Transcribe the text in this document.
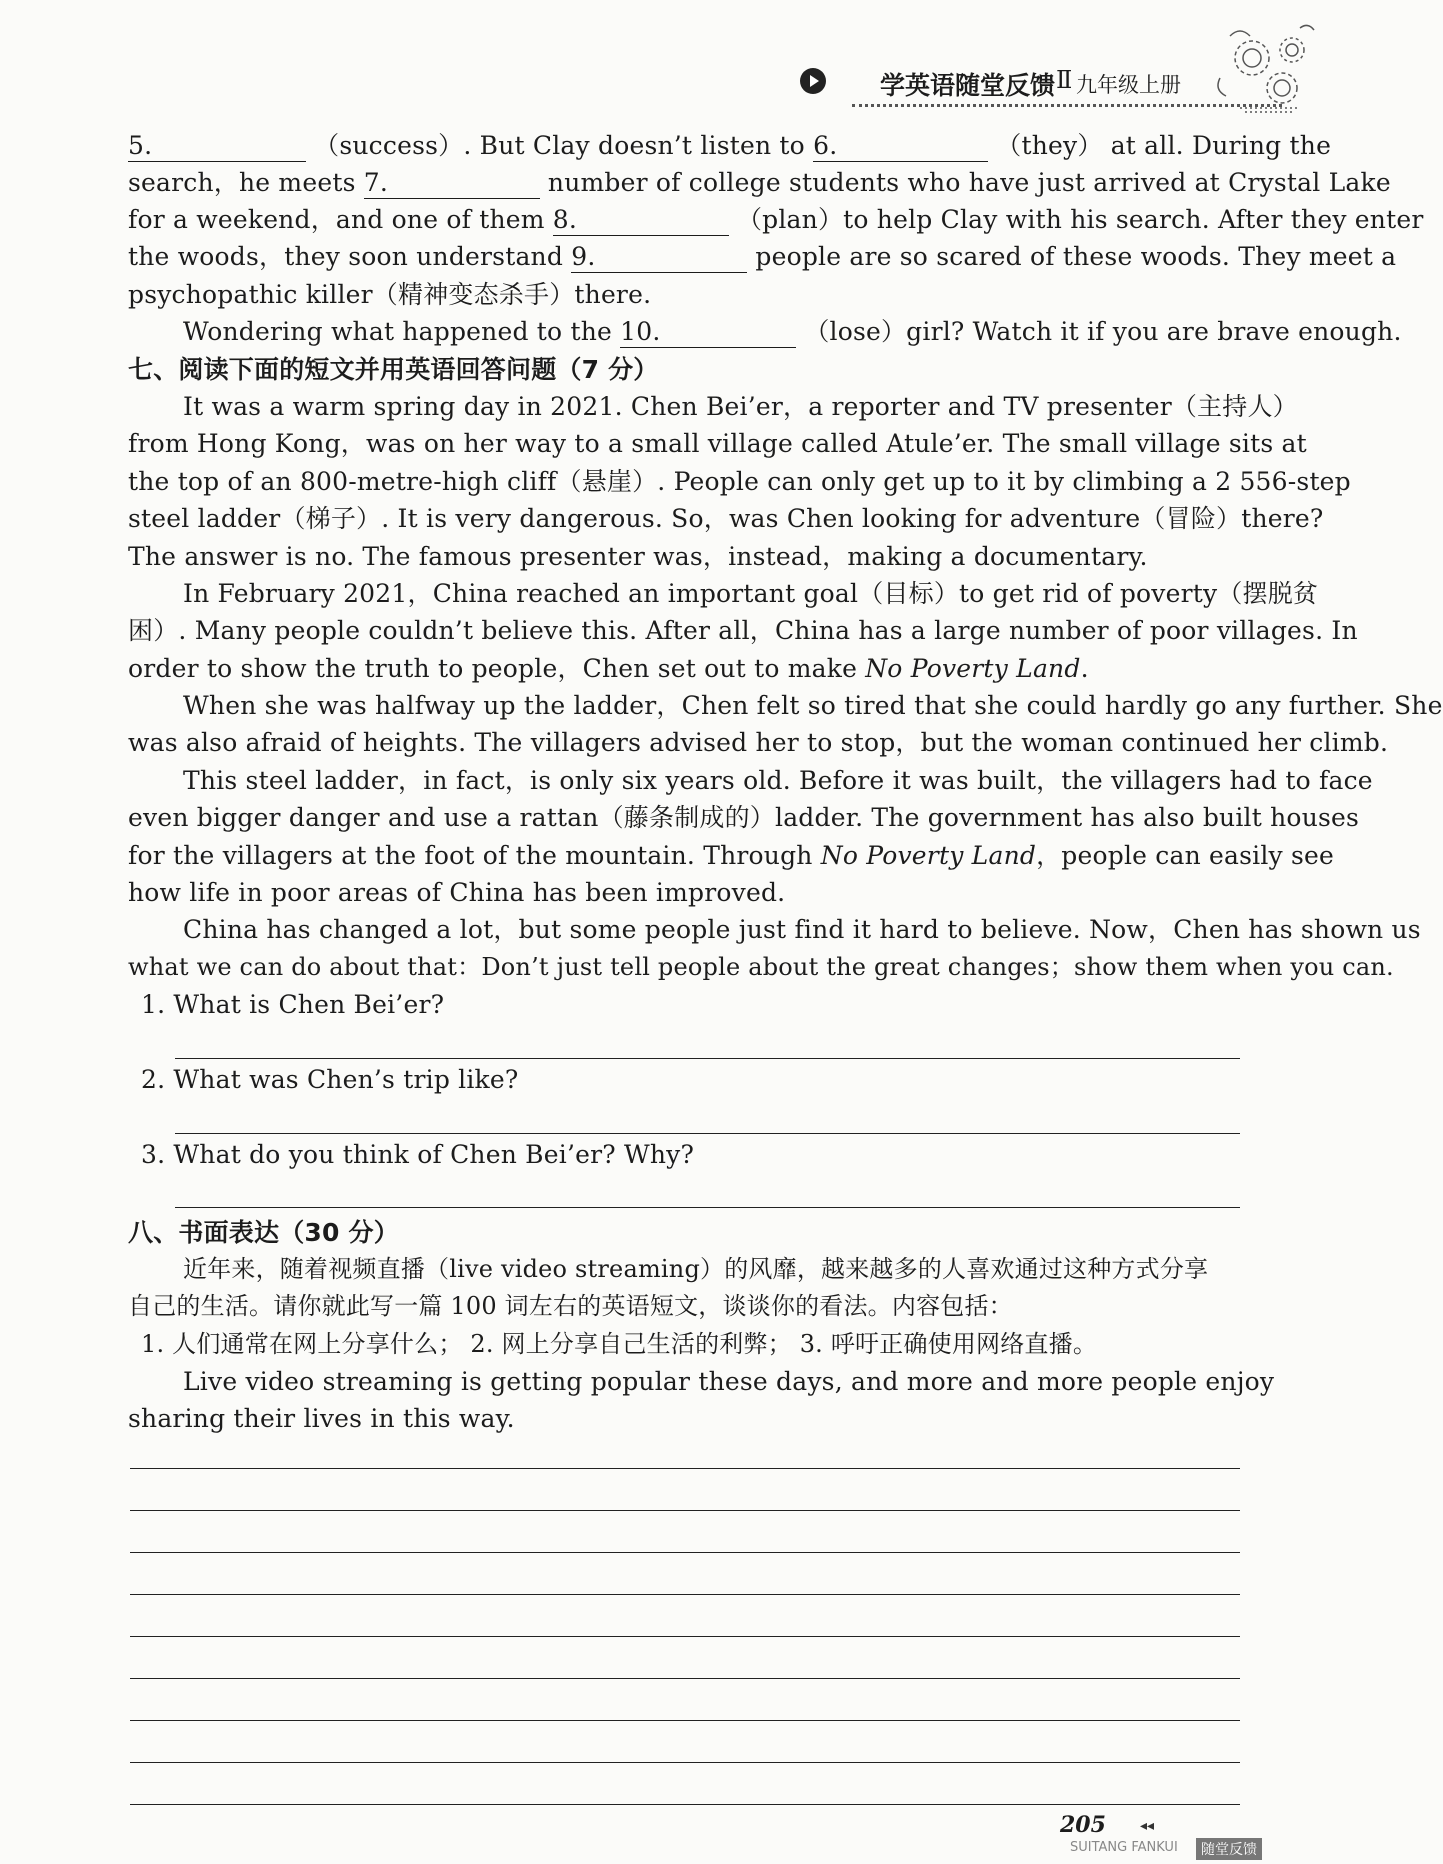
学英语随堂反馈 Ⅱ 九年级上册
5.	（success）. But Clay doesn’t listen to 6.	（they） at all. During the
search，he meets 7.	number of college students who have just arrived at Crystal Lake
for a weekend，and one of them 8.	（plan）to help Clay with his search. After they enter
the woods，they soon understand 9.	people are so scared of these woods. They meet a
psychopathic killer（精神变态杀手）there.
Wondering what happened to the 10.	（lose）girl? Watch it if you are brave enough.
七、阅读下面的短文并用英语回答问题（7 分）
It was a warm spring day in 2021. Chen Bei’er，a reporter and TV presenter（主持人）
from Hong Kong，was on her way to a small village called Atule’er. The small village sits at
the top of an 800-metre-high cliff（悬崖）. People can only get up to it by climbing a 2 556-step
steel ladder（梯子）. It is very dangerous. So，was Chen looking for adventure（冒险）there?
The answer is no. The famous presenter was，instead，making a documentary.
In February 2021，China reached an important goal（目标）to get rid of poverty（摆脱贫
困）. Many people couldn’t believe this. After all，China has a large number of poor villages. In
order to show the truth to people，Chen set out to make No Poverty Land.
When she was halfway up the ladder，Chen felt so tired that she could hardly go any further. She
was also afraid of heights. The villagers advised her to stop，but the woman continued her climb.
This steel ladder，in fact，is only six years old. Before it was built，the villagers had to face
even bigger danger and use a rattan（藤条制成的）ladder. The government has also built houses
for the villagers at the foot of the mountain. Through No Poverty Land，people can easily see
how life in poor areas of China has been improved.
China has changed a lot，but some people just find it hard to believe. Now，Chen has shown us
what we can do about that：Don’t just tell people about the great changes；show them when you can.
1. What is Chen Bei’er?
2. What was Chen’s trip like?
3. What do you think of Chen Bei’er? Why?
八、书面表达（30 分）
近年来，随着视频直播（live video streaming）的风靡，越来越多的人喜欢通过这种方式分享
自己的生活。请你就此写一篇 100 词左右的英语短文，谈谈你的看法。内容包括：
1. 人们通常在网上分享什么； 2. 网上分享自己生活的利弊； 3. 呼吁正确使用网络直播。
Live video streaming is getting popular these days, and more and more people enjoy
sharing their lives in this way.
205 ◂◂
SUITANG FANKUI	随堂反馈
